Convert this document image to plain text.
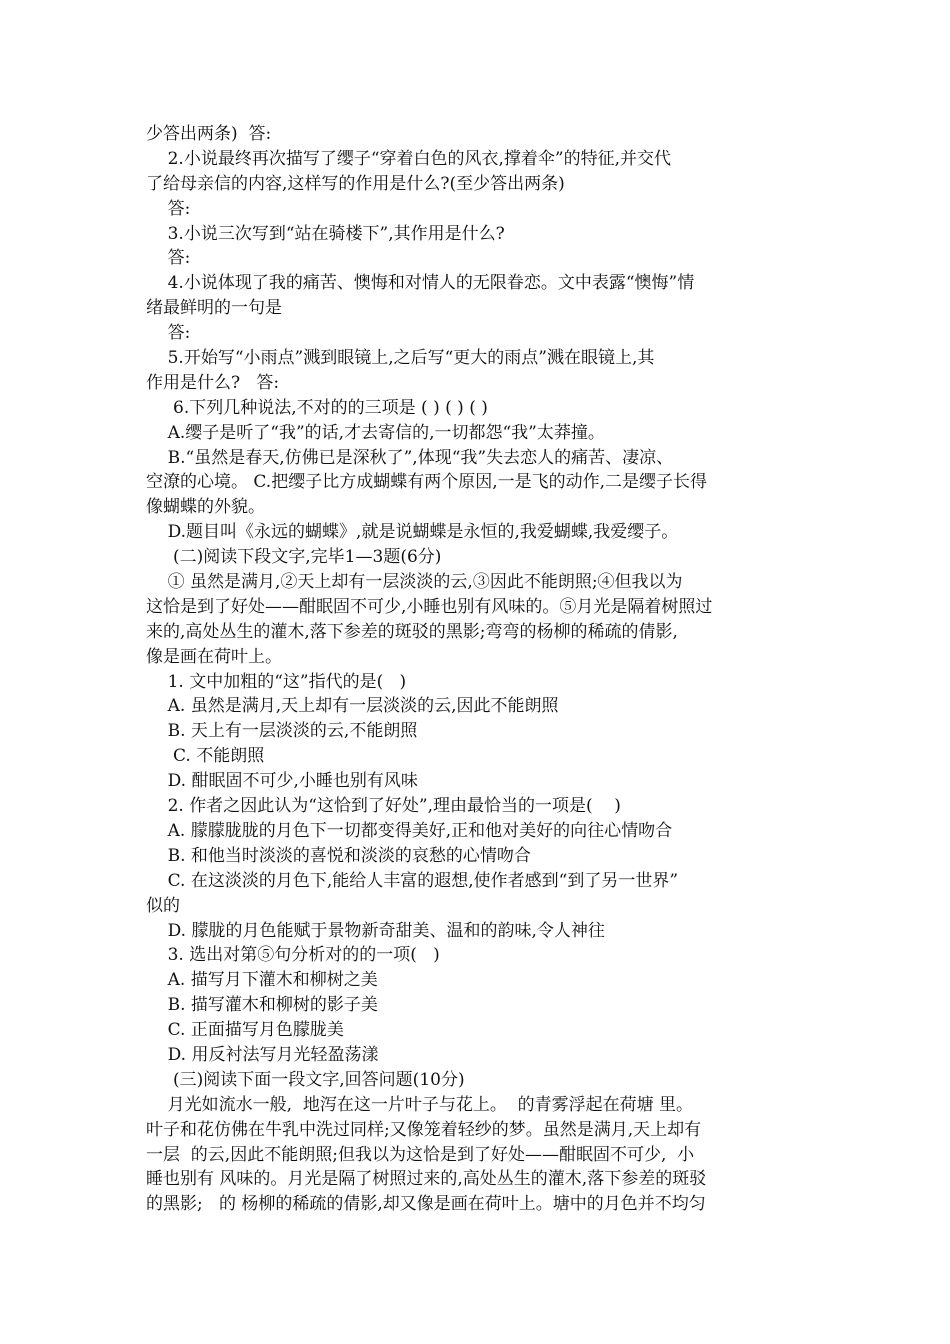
少答出两条)  答:
2.小说最终再次描写了缨子“穿着白色的风衣,撑着伞”的特征,并交代
了给母亲信的内容,这样写的作用是什么?(至少答出两条)
答:
3.小说三次写到“站在骑楼下”,其作用是什么?
答:
4.小说体现了我的痛苦、懊悔和对情人的无限眷恋。文中表露“懊悔”情
绪最鲜明的一句是
答:
5.开始写“小雨点”溅到眼镜上,之后写“更大的雨点”溅在眼镜上,其
作用是什么?   答:
6.下列几种说法,不对的的三项是 ( ) ( ) ( )
A.缨子是听了“我”的话,才去寄信的,一切都怨“我”太莽撞。
B.“虽然是春天,仿佛已是深秋了”,体现“我”失去恋人的痛苦、凄凉、
空潦的心境。 C.把缨子比方成蝴蝶有两个原因,一是飞的动作,二是缨子长得
像蝴蝶的外貌。
D.题目叫《永远的蝴蝶》,就是说蝴蝶是永恒的,我爱蝴蝶,我爱缨子。
(二)阅读下段文字,完毕1—3题(6分)
① 虽然是满月,②天上却有一层淡淡的云,③因此不能朗照;④但我以为
这恰是到了好处——酣眠固不可少,小睡也别有风味的。⑤月光是隔着树照过
来的,高处丛生的灌木,落下参差的斑驳的黑影;弯弯的杨柳的稀疏的倩影,
像是画在荷叶上。
1. 文中加粗的“这”指代的是(   )
A. 虽然是满月,天上却有一层淡淡的云,因此不能朗照
B. 天上有一层淡淡的云,不能朗照
C. 不能朗照
D. 酣眠固不可少,小睡也别有风味
2. 作者之因此认为“这恰到了好处”,理由最恰当的一项是(    )
A. 朦朦胧胧的月色下一切都变得美好,正和他对美好的向往心情吻合
B. 和他当时淡淡的喜悦和淡淡的哀愁的心情吻合
C. 在这淡淡的月色下,能给人丰富的遐想,使作者感到“到了另一世界”
似的
D. 朦胧的月色能赋于景物新奇甜美、温和的韵味,令人神往
3. 选出对第⑤句分析对的的一项(   )
A. 描写月下灌木和柳树之美
B. 描写灌木和柳树的影子美
C. 正面描写月色朦胧美
D. 用反衬法写月光轻盈荡漾
(三)阅读下面一段文字,回答问题(10分)
月光如流水一般,  地泻在这一片叶子与花上。  的青雾浮起在荷塘 里。
叶子和花仿佛在牛乳中洗过同样;又像笼着轻纱的梦。虽然是满月,天上却有
一层  的云,因此不能朗照;但我以为这恰是到了好处——酣眠固不可少,  小
睡也别有 风味的。月光是隔了树照过来的,高处丛生的灌木,落下参差的斑驳
的黑影;   的 杨柳的稀疏的倩影,却又像是画在荷叶上。塘中的月色并不均匀
